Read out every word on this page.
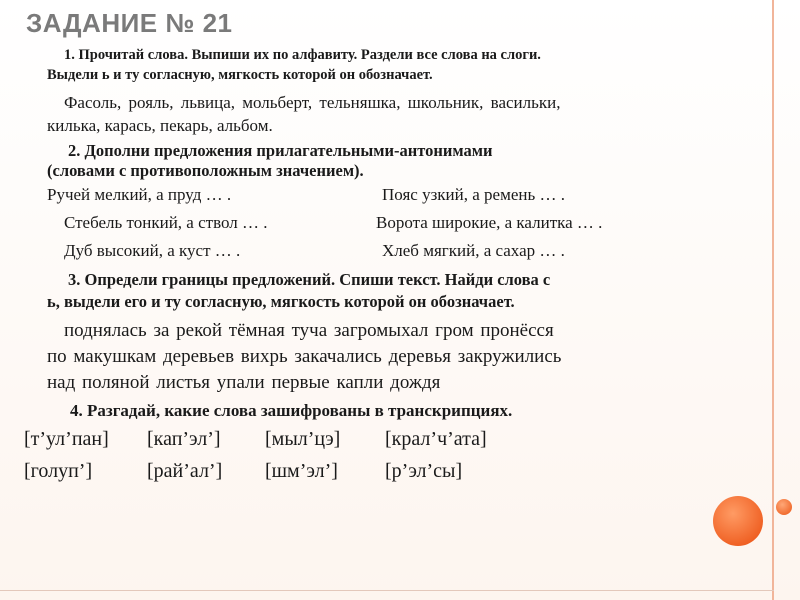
ЗАДАНИЕ № 21

1. Прочитай слова. Выпиши их по алфавиту. Раздели все слова на слоги.

Выдели ь и ту согласную, мягкость которой он обозначает.

Фасоль, рояль, львица, мольберт, тельняшка, школьник, васильки,

килька, карась, пекарь, альбом.

2. Дополни предложения прилагательными-антонимами

(словами с противоположным значением).

Ручей мелкий, а пруд … .	Пояс узкий, а ремень … .

Стебель тонкий, а ствол … .	Ворота широкие, а калитка … .

Дуб высокий, а куст … .	Хлеб мягкий, а сахар … .

3. Определи границы предложений. Спиши текст. Найди слова с

ь, выдели его и ту согласную, мягкость которой он обозначает.

поднялась за рекой тёмная туча загромыхал гром пронёсся

по макушкам деревьев вихрь закачались деревья закружились

над поляной листья упали первые капли дождя

4. Разгадай, какие слова зашифрованы в транскрипциях.

[т’ул’пан] [кап’эл’] [мыл’цэ] [крал’ч’ата]

[голуп’]	[рай’ал’] [шм’эл’] [р’эл’сы]
